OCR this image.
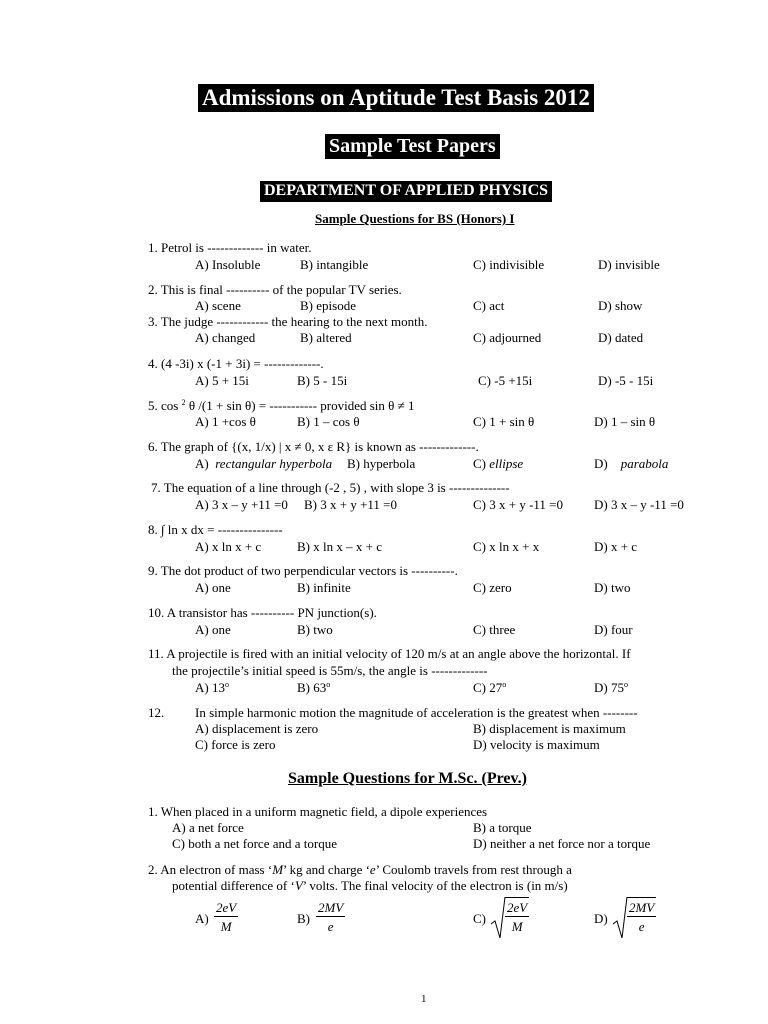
Admissions on Aptitude Test Basis 2012
Sample Test Papers
DEPARTMENT OF APPLIED PHYSICS
Sample Questions for BS (Honors) I
1. Petrol is ------------- in water.
A) Insoluble	B) intangible	C) indivisible	D) invisible
2. This is final ---------- of the popular TV series.
A) scene	B) episode	C) act	D) show
3. The judge ------------ the hearing to the next month.
A) changed	B) altered	C) adjourned	D) dated
4. (4 -3i) x (-1 + 3i) = -------------.
A) 5 + 15i	B) 5 - 15i	C) -5 +15i	D) -5 - 15i
5. cos $^2$ θ /(1 + sin θ) = ----------- provided sin θ ≠ 1
A) 1 +cos θ	B) 1 – cos θ	C) 1 + sin θ	D) 1 – sin θ
6. The graph of {(x, 1/x) | x ≠ 0, x ε R} is known as -------------.
A) rectangular hyperbola B) hyperbola	C) ellipse	D) parabola
7. The equation of a line through (-2 , 5) , with slope 3 is --------------
A) 3 x – y +11 =0 B) 3 x + y +11 =0	C) 3 x + y -11 =0 D) 3 x – y -11 =0
8. ∫ ln x dx = ---------------
A) x ln x + c	B) x ln x – x + c	C) x ln x + x	D) x + c
9. The dot product of two perpendicular vectors is ----------.
A) one	B) infinite	C) zero	D) two
10. A transistor has ---------- PN junction(s).
A) one	B) two	C) three	D) four
11. A projectile is fired with an initial velocity of 120 m/s at an angle above the horizontal. If
the projectile’s initial speed is 55m/s, the angle is -------------
A) 13$^o$	B) 63$^o$	C) 27$^o$	D) 75$^o$
12. In simple harmonic motion the magnitude of acceleration is the greatest when --------
A) displacement is zero	B) displacement is maximum
C) force is zero	D) velocity is maximum
Sample Questions for M.Sc. (Prev.)
1. When placed in a uniform magnetic field, a dipole experiences
A) a net force	B) a torque
C) both a net force and a torque	D) neither a net force nor a torque
2. An electron of mass ‘M’ kg and charge ‘e’ Coulomb travels from rest through a
potential difference of ‘V’ volts. The final velocity of the electron is (in m/s)
$A) \frac{2eV}{M}$	$B) \frac{2MV}{e}$	$C) \frac{2eV}{M}$	$D) \frac{2MV}{e}$
1
